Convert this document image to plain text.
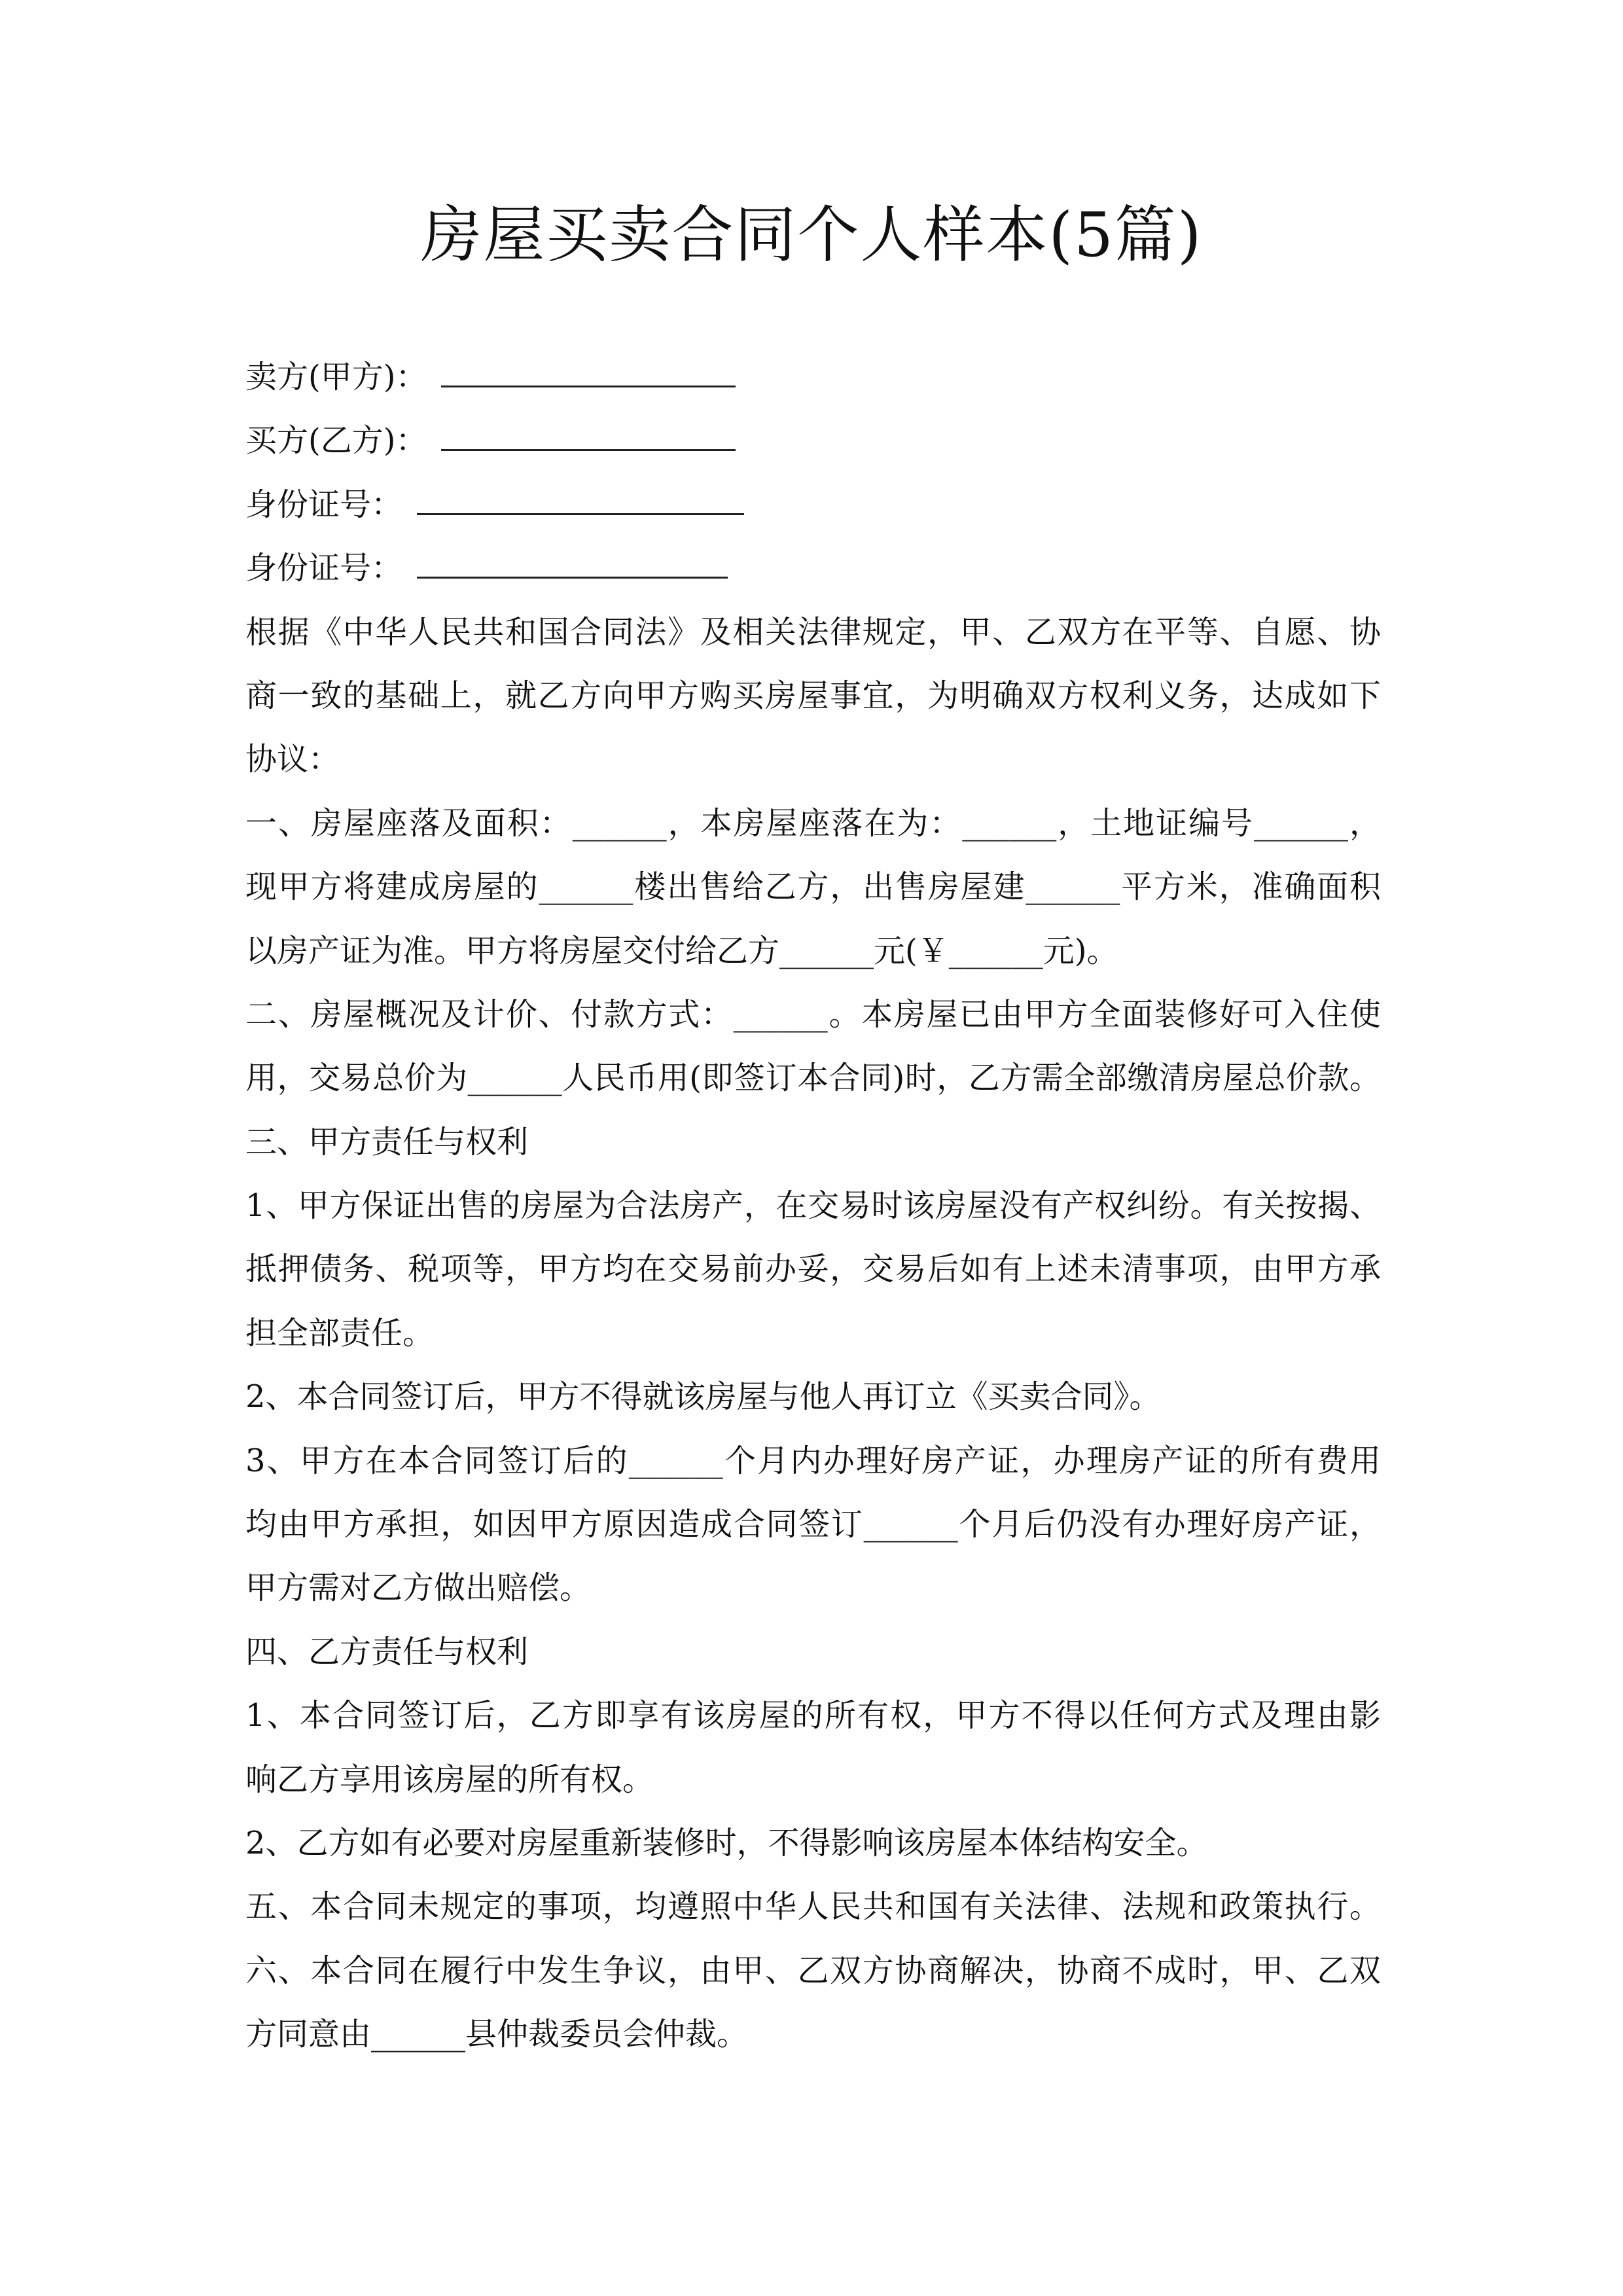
房屋买卖合同个人样本(5篇)
卖方(甲方)：
买方(乙方)：
身份证号：
身份证号：
根据《中华人民共和国合同法》及相关法律规定，甲、乙双方在平等、自愿、协
商一致的基础上，就乙方向甲方购买房屋事宜，为明确双方权利义务，达成如下
协议：
一、房屋座落及面积：______，本房屋座落在为：______，土地证编号______，
现甲方将建成房屋的______楼出售给乙方，出售房屋建______平方米，准确面积
以房产证为准。甲方将房屋交付给乙方______元(￥______元)。
二、房屋概况及计价、付款方式：______。本房屋已由甲方全面装修好可入住使
用，交易总价为______人民币用(即签订本合同)时，乙方需全部缴清房屋总价款。
三、甲方责任与权利
1、甲方保证出售的房屋为合法房产，在交易时该房屋没有产权纠纷。有关按揭、
抵押债务、税项等，甲方均在交易前办妥，交易后如有上述未清事项，由甲方承
担全部责任。
2、本合同签订后，甲方不得就该房屋与他人再订立《买卖合同》。
3、甲方在本合同签订后的______个月内办理好房产证，办理房产证的所有费用
均由甲方承担，如因甲方原因造成合同签订______个月后仍没有办理好房产证，
甲方需对乙方做出赔偿。
四、乙方责任与权利
1、本合同签订后，乙方即享有该房屋的所有权，甲方不得以任何方式及理由影
响乙方享用该房屋的所有权。
2、乙方如有必要对房屋重新装修时，不得影响该房屋本体结构安全。
五、本合同未规定的事项，均遵照中华人民共和国有关法律、法规和政策执行。
六、本合同在履行中发生争议，由甲、乙双方协商解决，协商不成时，甲、乙双
方同意由______县仲裁委员会仲裁。
